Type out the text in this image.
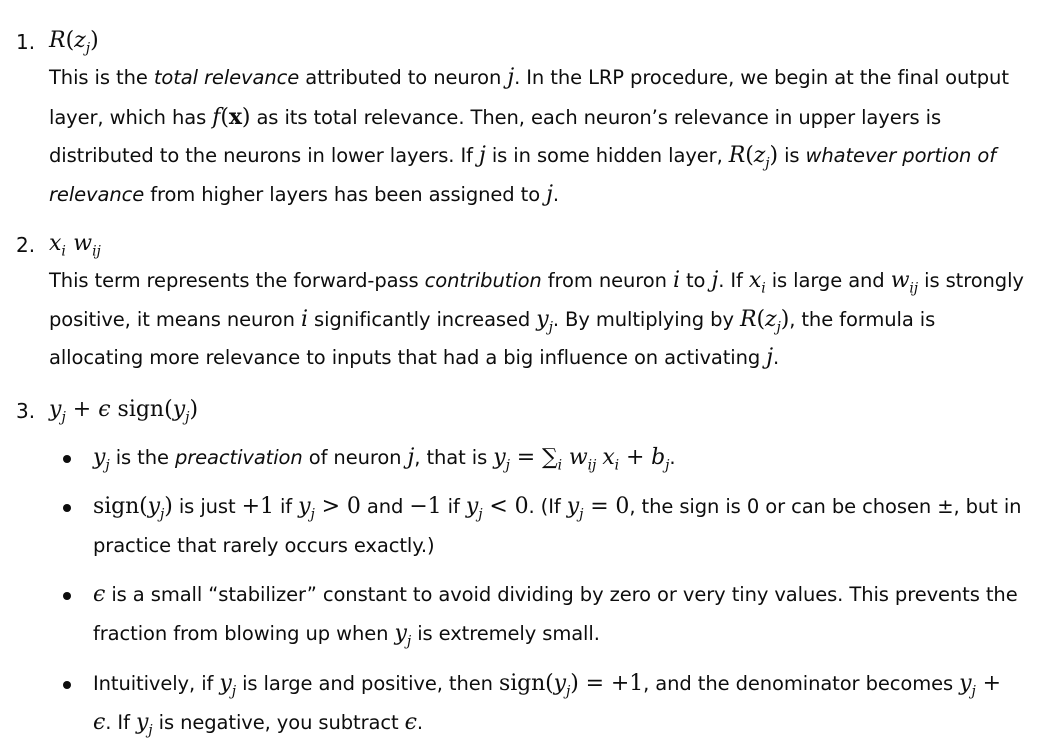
1. $R(z_j)$
This is the total relevance attributed to neuron j. In the LRP procedure, we begin at the final output layer, which has f(x) as its total relevance. Then, each neuron’s relevance in upper layers is distributed to the neurons in lower layers. If j is in some hidden layer, $R(z_j)$ is whatever portion of relevance from higher layers has been assigned to j.
2. $x_i$ $w_{ij}$
This term represents the forward-pass contribution from neuron i to j. If $x_i$ is large and $w_{ij}$ is strongly positive, it means neuron i significantly increased $y_j$. By multiplying by $R(z_j)$, the formula is allocating more relevance to inputs that had a big influence on activating j.
3. $y_j + \epsilon$ $sign(y_j)$
$y_j$ is the preactivation of neuron j, that is $y_j = \sum_i$ $w_{ij}$ $x_i + b_j$.
$sign(y_j)$ is just +1 if $y_j > 0$ and −1 if $y_j < 0$. (If $y_j = 0$, the sign is 0 or can be chosen ±, but in practice that rarely occurs exactly.)
ϵ is a small “stabilizer” constant to avoid dividing by zero or very tiny values. This prevents the fraction from blowing up when $y_j$ is extremely small.
Intuitively, if $y_j$ is large and positive, then $sign(y_j) = +1$, and the denominator becomes $y_j + \epsilon$. If $y_j$ is negative, you subtract ϵ.
